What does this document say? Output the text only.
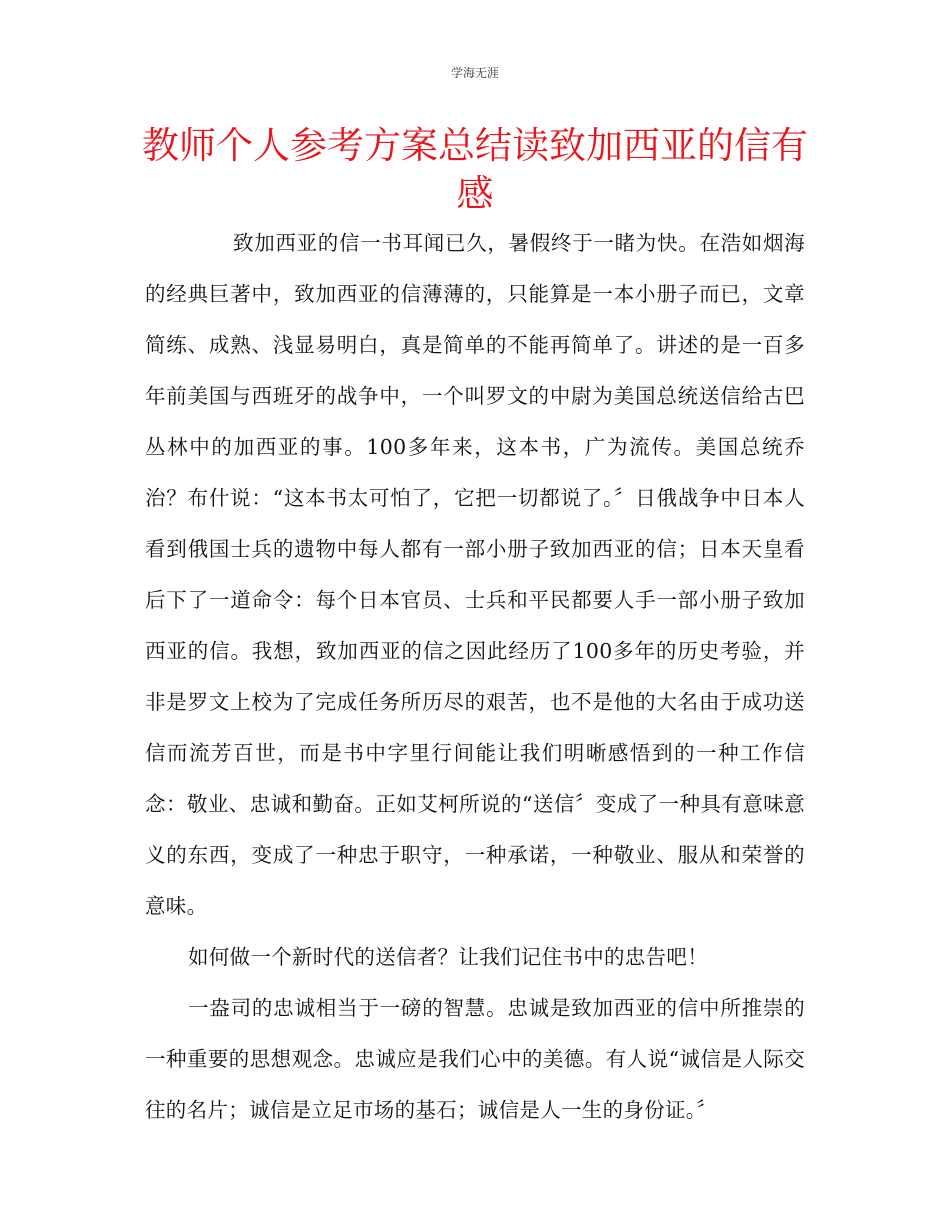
学海无涯
教师个人参考方案总结读致加西亚的信有感

致加西亚的信一书耳闻已久，暑假终于一睹为快。在浩如烟海的经典巨著中，致加西亚的信薄薄的，只能算是一本小册子而已，文章简练、成熟、浅显易明白，真是简单的不能再简单了。讲述的是一百多年前美国与西班牙的战争中，一个叫罗文的中尉为美国总统送信给古巴丛林中的加西亚的事。100多年来，这本书，广为流传。美国总统乔治？布什说：“这本书太可怕了，它把一切都说了。〞日俄战争中日本人看到俄国士兵的遗物中每人都有一部小册子致加西亚的信；日本天皇看后下了一道命令：每个日本官员、士兵和平民都要人手一部小册子致加西亚的信。我想，致加西亚的信之因此经历了100多年的历史考验，并非是罗文上校为了完成任务所历尽的艰苦，也不是他的大名由于成功送信而流芳百世，而是书中字里行间能让我们明晰感悟到的一种工作信念：敬业、忠诚和勤奋。正如艾柯所说的“送信〞变成了一种具有意味意义的东西，变成了一种忠于职守，一种承诺，一种敬业、服从和荣誉的意味。

如何做一个新时代的送信者？让我们记住书中的忠告吧！

一盎司的忠诚相当于一磅的智慧。忠诚是致加西亚的信中所推崇的一种重要的思想观念。忠诚应是我们心中的美德。有人说“诚信是人际交往的名片；诚信是立足市场的基石；诚信是人一生的身份证。〞
